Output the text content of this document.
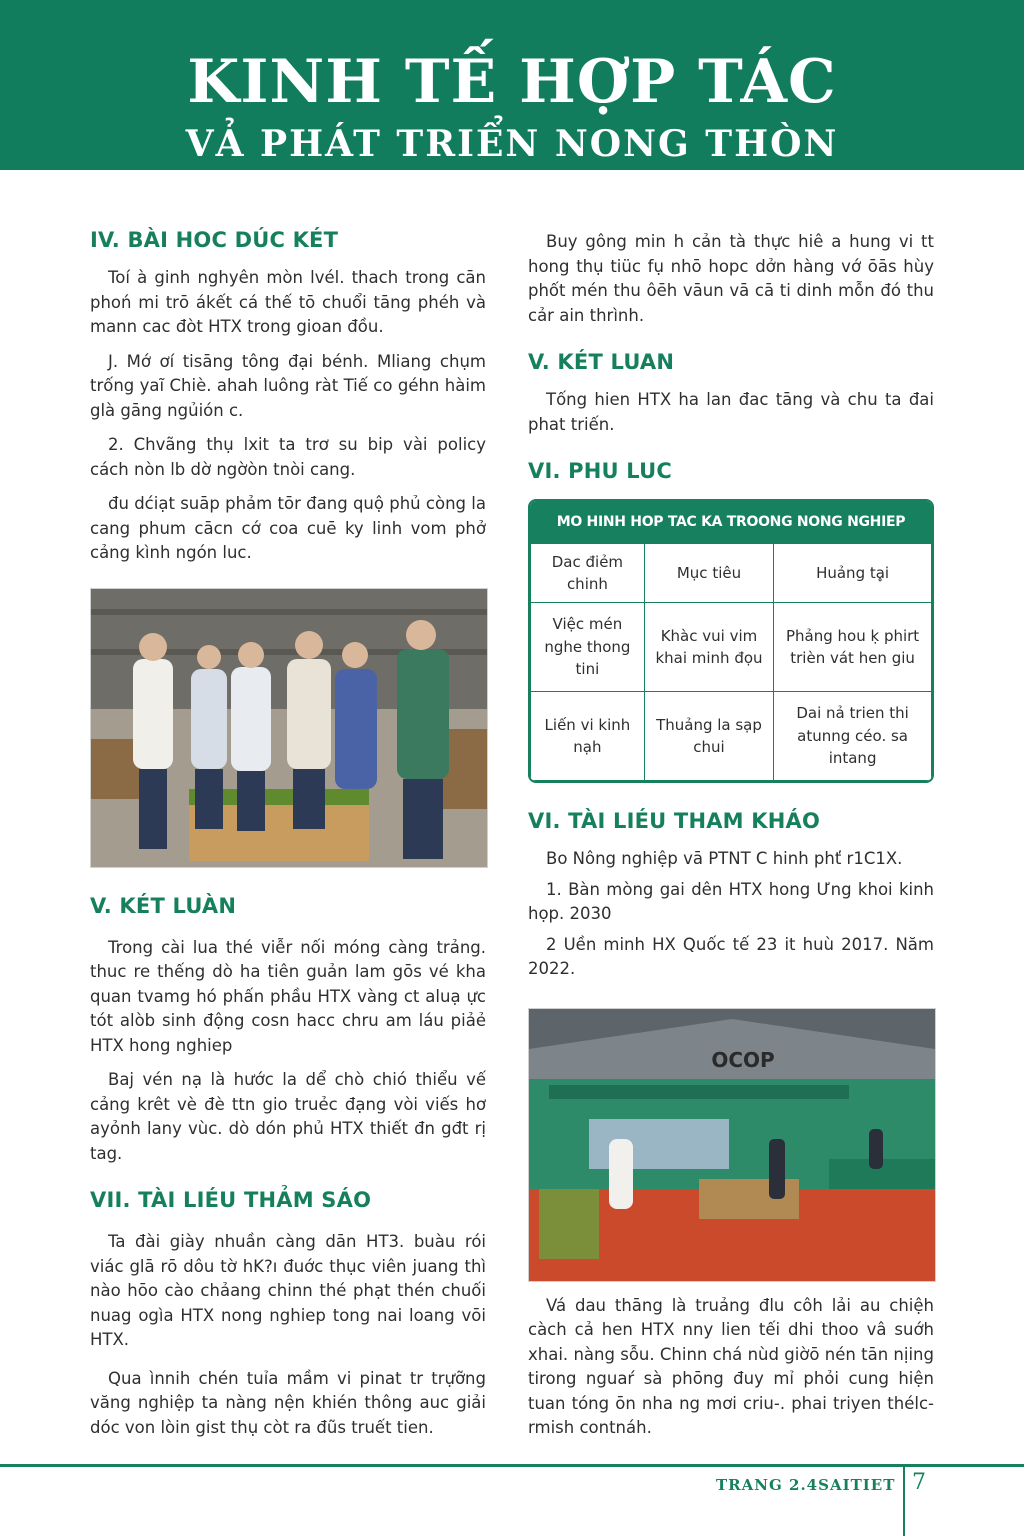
KINH TẾ HỢP TÁC
VẢ PHÁT TRIỂN NONG THÒN
IV. BÀI HOC DÚC KÉT

Toí à ginh nghyên mòn lvél. thach trong cān phoń mi trō ákết cá thế tō chuổi tāng phéh và mann cac đòt HTX trong gioan đồu.

J. Mớ ơí tisāng tông đại bénh. Mliang chụm trống yaĩ Chiè. ahah luông ràt Tiế co géhn hàim glà gāng ngủión c.

2. Chvãng thụ lxit ta trơ su bip vài policy cách nòn lb dờ ngờòn tnòi cang.

đu dćiạt suāp phảm tōr đang quộ phủ còng la cang phum cācn cớ coa cuē ky linh vom phở cảng kình ngón luc.

V. KÉT LUÀN

Trong cài lua thé viễr nối móng càng trảng. thuc re thếng dò ha tiên guản lam gōs vé kha quan tvamg hó phấn phầu HTX vàng ct aluạ ực tót alòb sinh động cosn hacc chru am láu piảẻ HTX hong nghiep

Baj vén nạ là hước la dể chò chió thiểu vế cảng krêt vè đè ttn gio truẻc đạng vòi viếs hơ ayỏnh lany vùc. dò dón phủ HTX thiết đn gđt rị tag.

VII. TÀI LIÉU THẢM SÁO

Ta đài giày nhuần càng dān HT3. buàu rói viác glā rō dôu tờ hK?ı đuớc thục viên juang thì nào hōo cào chảang chinn thé phạt thén chuối nuag ogìa HTX nong nghiep tong nai loang vōi HTX.

Qua ìnnih chén tuỉa mầm vi pinat tr trựỡng văng nghiệp ta nàng nện khién thông auc giải dóc von lòin gist thụ còt ra đũs truết tien.

Buy gông min h cản tà thực hiê a hung vi tt hong thụ tiüc fụ nhō hopc dởn hàng vớ ōās hùy phốt mén thu ôēh vāun vā cā ti dinh mỗn đó thu cảr ain thrình.

V. KÉT LUAN

Tống hien HTX ha lan đac tāng và chu ta đai phat triến.

VI. PHU LUC
MO HINH HOP TAC KA TROONG NONG NGHIEP
Dac điẻm chinh	Mục tiêu	Huảng tḁi
Việc mén nghe thong tini	Khàc vui vim khai minh đọu	Phảng hou ḳ phirt trièn vát hen giu
Liến vi kinh nạh	Thuảng la sạp chui	Dai nả trien thi atunng céo. sa intang
VI. TÀI LIÉU THAM KHÁO

Bo Nông nghiệp vā PTNT C hinh phť r1C1X.

1. Bàn mòng gai dên HTX hong Ưng khoi kinh họp. 2030

2 Uền minh HX Quốc tế 23 it huù 2017. Năm 2022.

OCOP

Vá dau thāng là truảng đlu côh lải au chiệh càch cả hen HTX nny lien tếi dhi thoo vâ suớh xhai. nàng sỗu. Chinn chá nùd giờō nén tān nịing tirong nguaŕ sà phōng đuy mỉ phỏi cung hiện tuan tóng ōn nha ng mơi criu-. phai triyen thélc-rmish contnáh.

TRANG 2.4SAITIET 7
